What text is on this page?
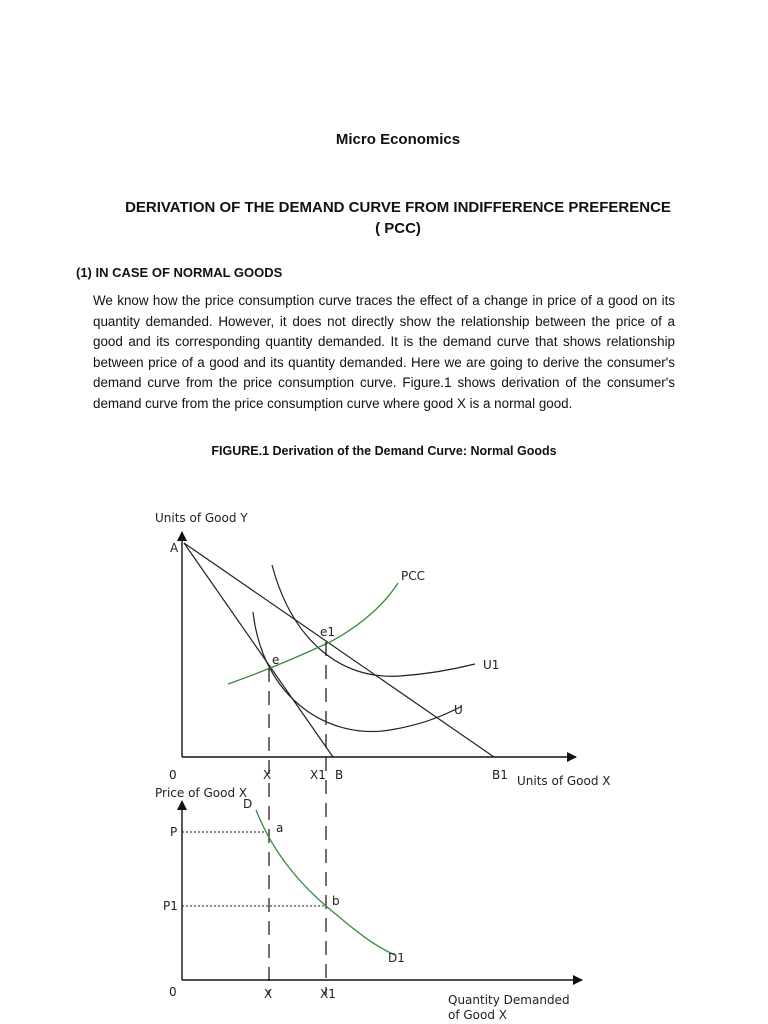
Micro Economics
DERIVATION OF THE DEMAND CURVE FROM INDIFFERENCE PREFERENCE
( PCC)
(1) IN CASE OF NORMAL GOODS

We know how the price consumption curve traces the effect of a change in price of a good on its quantity demanded. However, it does not directly show the relationship between the price of a good and its corresponding quantity demanded. It is the demand curve that shows relationship between price of a good and its quantity demanded. Here we are going to derive the consumer's demand curve from the price consumption curve. Figure.1 shows derivation of the consumer's demand curve from the price consumption curve where good X is a normal good.

FIGURE.1 Derivation of the Demand Curve: Normal Goods
Units of Good Y
A
PCC
e1
e	U1
U
0	X	X1 B	B1 Units of Good X
Price of Good X
D
P	a
P1	b
D1
0	X	X1	Quantity Demanded
of Good X
